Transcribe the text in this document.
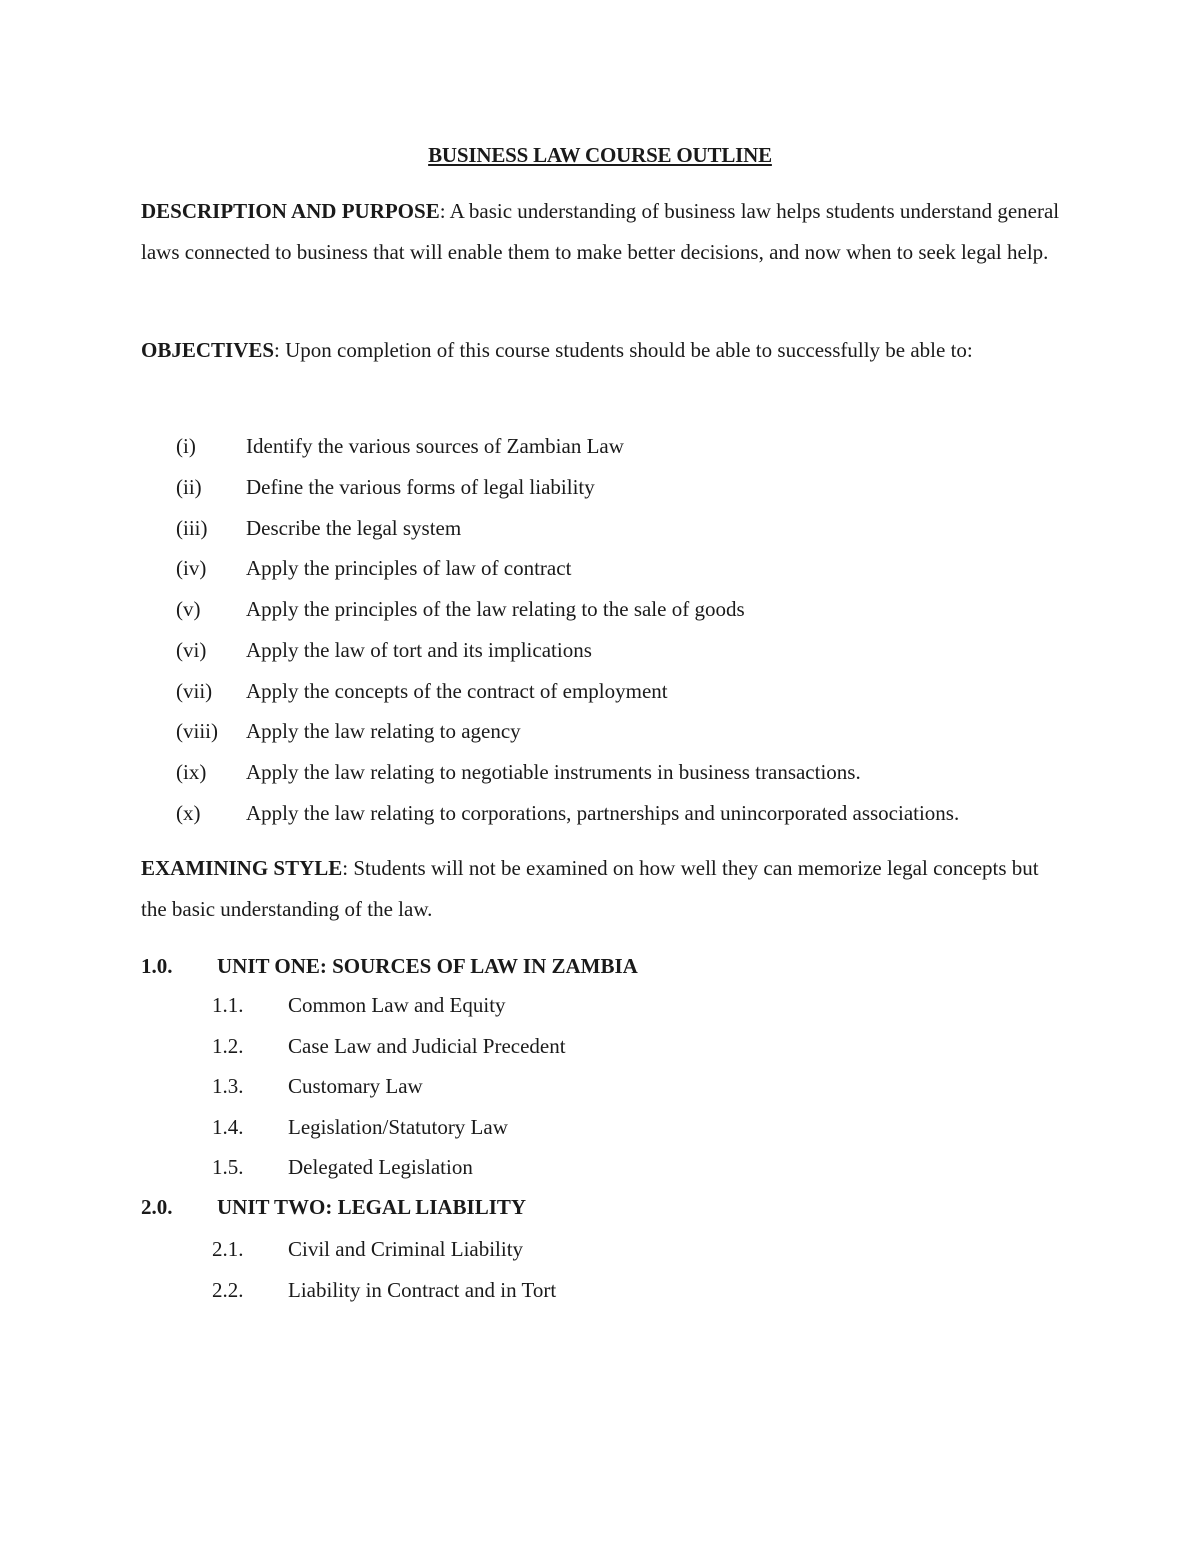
BUSINESS LAW COURSE OUTLINE
DESCRIPTION AND PURPOSE: A basic understanding of business law helps students understand general laws connected to business that will enable them to make better decisions, and now when to seek legal help.
OBJECTIVES: Upon completion of this course students should be able to successfully be able to:
(i) Identify the various sources of Zambian Law
(ii) Define the various forms of legal liability
(iii) Describe the legal system
(iv) Apply the principles of law of contract
(v) Apply the principles of the law relating to the sale of goods
(vi) Apply the law of tort and its implications
(vii) Apply the concepts of the contract of employment
(viii) Apply the law relating to agency
(ix) Apply the law relating to negotiable instruments in business transactions.
(x) Apply the law relating to corporations, partnerships and unincorporated associations.
EXAMINING STYLE: Students will not be examined on how well they can memorize legal concepts but the basic understanding of the law.
1.0. UNIT ONE: SOURCES OF LAW IN ZAMBIA
1.1. Common Law and Equity
1.2. Case Law and Judicial Precedent
1.3. Customary Law
1.4. Legislation/Statutory Law
1.5. Delegated Legislation
2.0. UNIT TWO: LEGAL LIABILITY
2.1. Civil and Criminal Liability
2.2. Liability in Contract and in Tort
